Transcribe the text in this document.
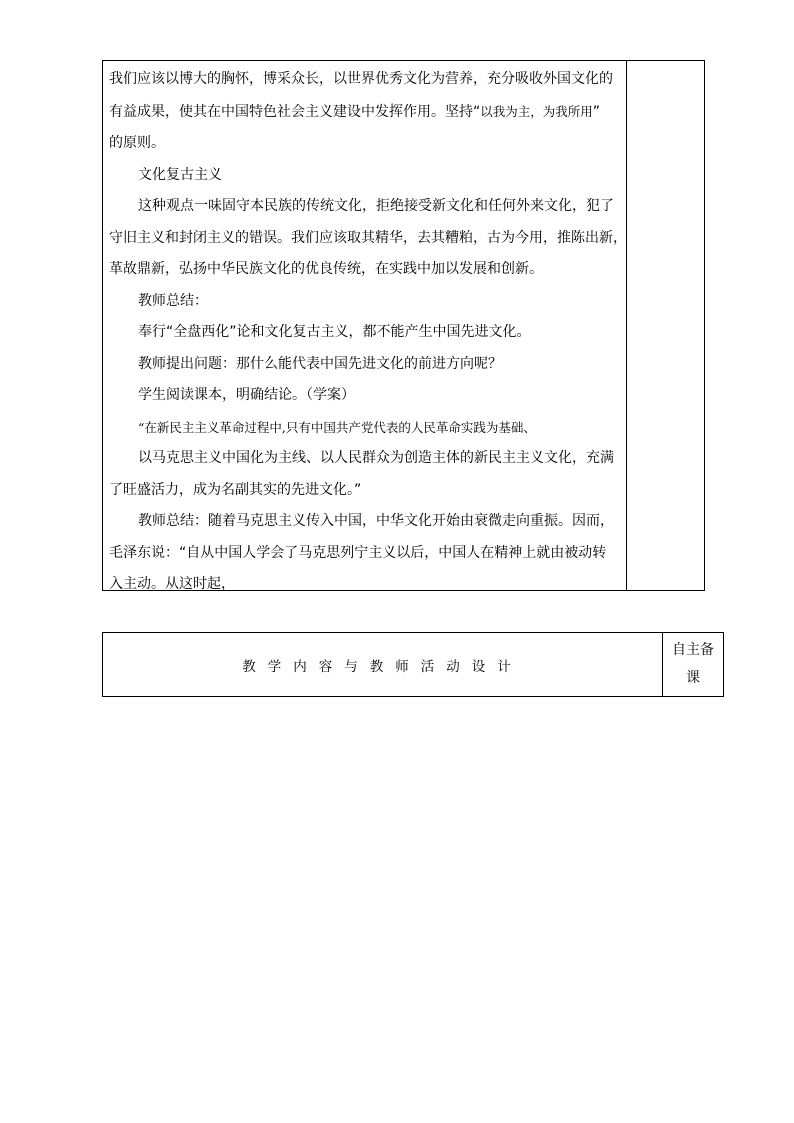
我们应该以博大的胸怀，博采众长，以世界优秀文化为营养，充分吸收外国文化的

有益成果，使其在中国特色社会主义建设中发挥作用。坚持“以我为主，为我所用”

的原则。

文化复古主义

这种观点一味固守本民族的传统文化，拒绝接受新文化和任何外来文化，犯了

守旧主义和封闭主义的错误。我们应该取其精华，去其糟粕，古为今用，推陈出新，

革故鼎新，弘扬中华民族文化的优良传统，在实践中加以发展和创新。

教师总结：

奉行“全盘西化”论和文化复古主义，都不能产生中国先进文化。

教师提出问题：那什么能代表中国先进文化的前进方向呢？

学生阅读课本，明确结论。（学案）

“在新民主主义革命过程中,只有中国共产党代表的人民革命实践为基础、

以马克思主义中国化为主线、以人民群众为创造主体的新民主主义文化，充满

了旺盛活力，成为名副其实的先进文化。”

教师总结：随着马克思主义传入中国，中华文化开始由衰微走向重振。因而，

毛泽东说：“自从中国人学会了马克思列宁主义以后，中国人在精神上就由被动转

入主动。从这时起，

教学内容与教师活动设计
自主备
课
